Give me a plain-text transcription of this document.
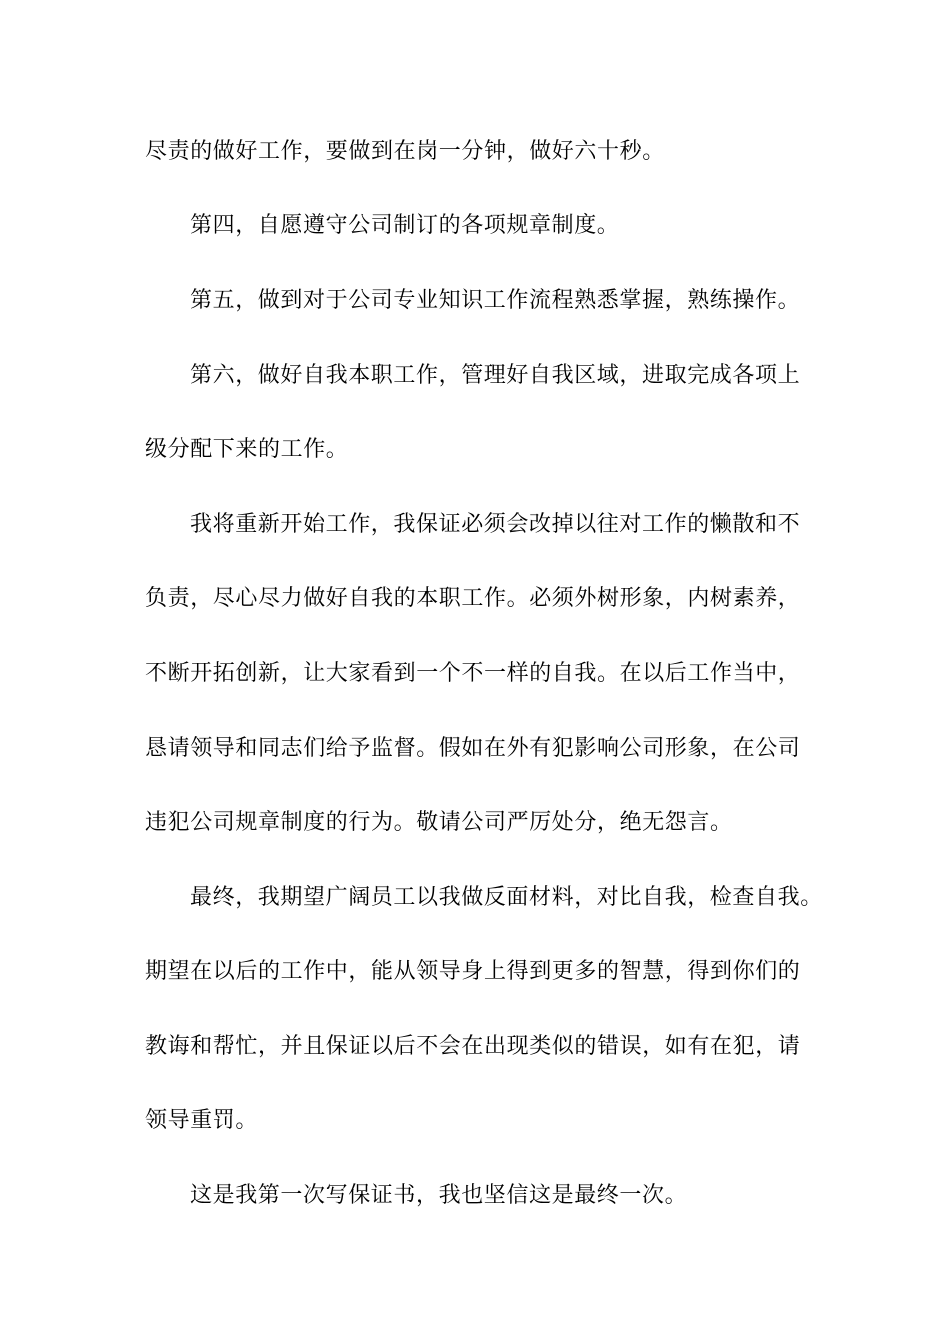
尽责的做好工作，要做到在岗一分钟，做好六十秒。
第四，自愿遵守公司制订的各项规章制度。
第五，做到对于公司专业知识工作流程熟悉掌握，熟练操作。
第六，做好自我本职工作，管理好自我区域，进取完成各项上
级分配下来的工作。
我将重新开始工作，我保证必须会改掉以往对工作的懒散和不
负责，尽心尽力做好自我的本职工作。必须外树形象，内树素养，
不断开拓创新，让大家看到一个不一样的自我。在以后工作当中，
恳请领导和同志们给予监督。假如在外有犯影响公司形象，在公司
违犯公司规章制度的行为。敬请公司严厉处分，绝无怨言。
最终，我期望广阔员工以我做反面材料，对比自我，检查自我。
期望在以后的工作中，能从领导身上得到更多的智慧，得到你们的
教诲和帮忙，并且保证以后不会在出现类似的错误，如有在犯，请
领导重罚。
这是我第一次写保证书，我也坚信这是最终一次。
